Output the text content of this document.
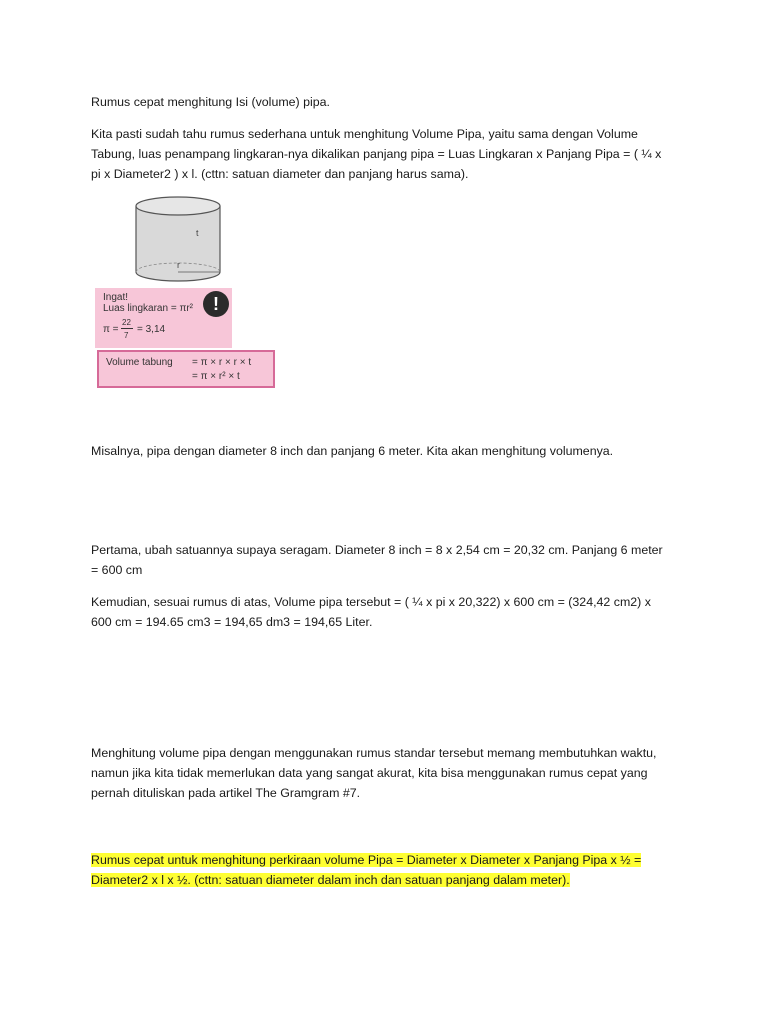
Rumus cepat menghitung Isi (volume) pipa.

Kita pasti sudah tahu rumus sederhana untuk menghitung Volume Pipa, yaitu sama dengan Volume Tabung, luas penampang lingkaran-nya dikalikan panjang pipa = Luas Lingkaran x Panjang Pipa = ( ¼ x pi x Diameter2 ) x l. (cttn: satuan diameter dan panjang harus sama).

t
r
Ingat!
Luas lingkaran = πr²
π =
22
7
= 3,14
!
Volume tabung = π × r × r × t
= π × r² × t

Misalnya, pipa dengan diameter 8 inch dan panjang 6 meter. Kita akan menghitung volumenya.

Pertama, ubah satuannya supaya seragam. Diameter 8 inch = 8 x 2,54 cm = 20,32 cm. Panjang 6 meter = 600 cm

Kemudian, sesuai rumus di atas, Volume pipa tersebut = ( ¼ x pi x 20,322) x 600 cm = (324,42 cm2) x 600 cm = 194.65 cm3 = 194,65 dm3 = 194,65 Liter.

Menghitung volume pipa dengan menggunakan rumus standar tersebut memang membutuhkan waktu, namun jika kita tidak memerlukan data yang sangat akurat, kita bisa menggunakan rumus cepat yang pernah dituliskan pada artikel The Gramgram #7.

Rumus cepat untuk menghitung perkiraan volume Pipa = Diameter x Diameter x Panjang Pipa x ½ =
Diameter2 x l x ½. (cttn: satuan diameter dalam inch dan satuan panjang dalam meter).
